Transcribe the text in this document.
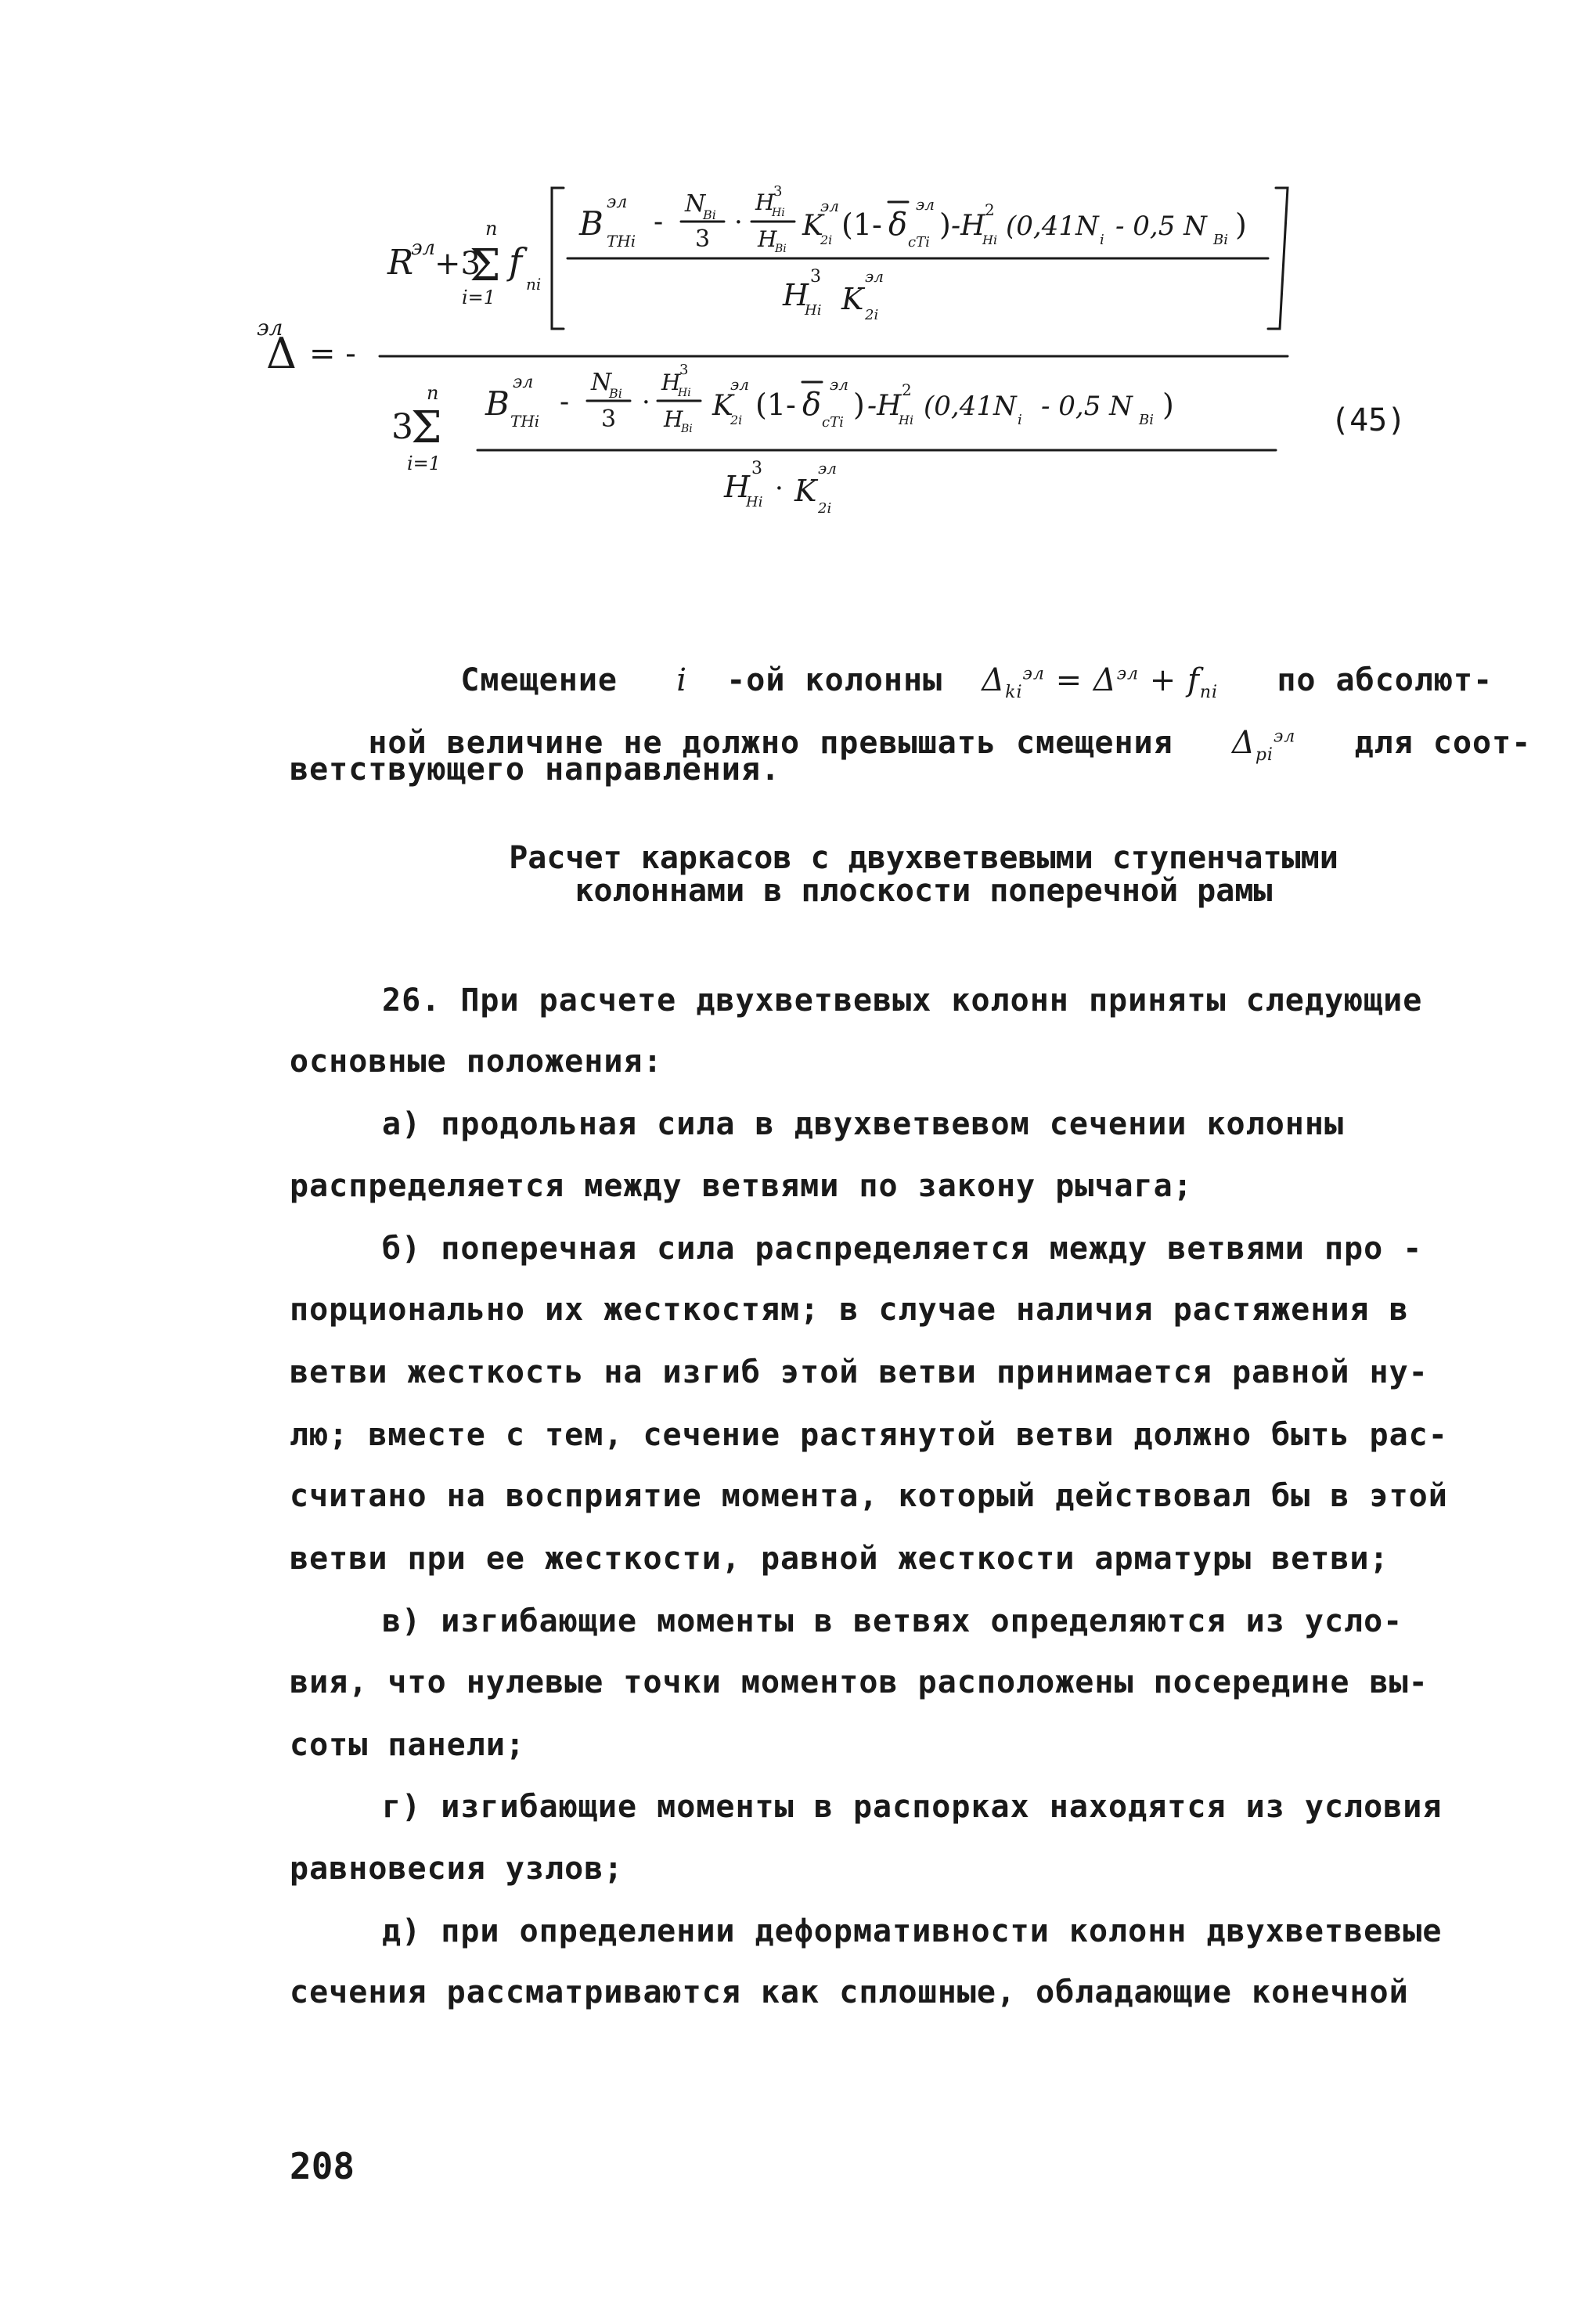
Δ
эл
= -
R
эл
+3
Σ
n
i=1
f
ni
B THi
эл
-
N
Bi
3
·
H
Hi
3
H
Bi
K
2i
эл
(1- δ cTi
эл
) -H
Hi
2
(0,41N i - 0,5 N Bi )
H
Hi
3
K 2i
эл
3
Σ
n
i=1
B THi
эл
-
N
Bi
3
·
H
Hi
3
H
Bi
K
2i
эл
(1- δ cTi
эл
) -H
Hi
2
(0,41N i - 0,5 N Bi )
H
Hi
3
· K
2i
эл
(45)

Смещение i -ой колонны $\Delta_{ki}^{эл} = \Delta^{эл} + f_{ni}$ по абсолют-

ной величине не должно превышать смещения $\Delta_{pi}^{эл}$ для соот-

ветствующего направления.
Расчет каркасов с двухветвевыми ступенчатыми
колоннами в плоскости поперечной рамы
26. При расчете двухветвевых колонн приняты следующие
основные положения:
а) продольная сила в двухветвевом сечении колонны
распределяется между ветвями по закону рычага;
б) поперечная сила распределяется между ветвями про -
порционально их жесткостям; в случае наличия растяжения в
ветви жесткость на изгиб этой ветви принимается равной ну-
лю; вместе с тем, сечение растянутой ветви должно быть рас-
считано на восприятие момента, который действовал бы в этой
ветви при ее жесткости, равной жесткости арматуры ветви;
в) изгибающие моменты в ветвях определяются из усло-
вия, что нулевые точки моментов расположены посередине вы-
соты панели;
г) изгибающие моменты в распорках находятся из условия
равновесия узлов;
д) при определении деформативности колонн двухветвевые
сечения рассматриваются как сплошные, обладающие конечной
208
